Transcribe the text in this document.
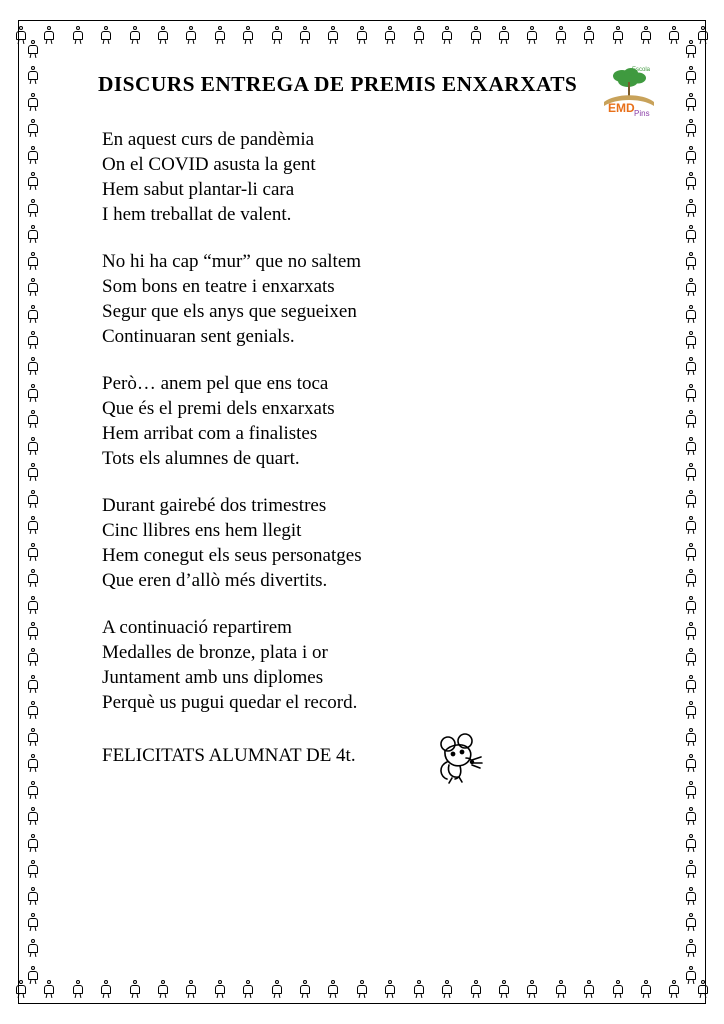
Escola
EMD Pins
DISCURS ENTREGA DE PREMIS ENXARXATS
En aquest curs de pandèmia
On el COVID asusta la gent
Hem sabut plantar-li cara
I hem treballat de valent.
No hi ha cap “mur” que no saltem
Som bons en teatre i enxarxats
Segur que els anys que segueixen
Continuaran sent genials.
Però… anem pel que ens toca
Que és el premi dels enxarxats
Hem arribat com a finalistes
Tots els alumnes de quart.
Durant gairebé dos trimestres
Cinc llibres ens hem llegit
Hem conegut els seus personatges
Que eren d’allò més divertits.
A continuació repartirem
Medalles de bronze, plata i or
Juntament amb uns diplomes
Perquè us pugui quedar el record.
FELICITATS ALUMNAT DE 4t.
